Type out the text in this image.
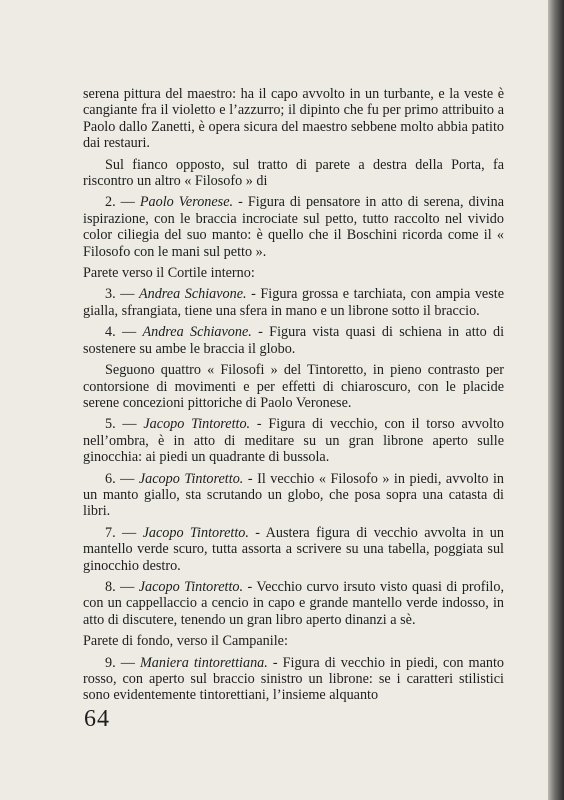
serena pittura del maestro: ha il capo avvolto in un turbante, e la veste è cangiante fra il violetto e l’azzurro; il dipinto che fu per primo attribuito a Paolo dallo Zanetti, è opera sicura del maestro sebbene molto abbia patito dai restauri.

Sul fianco opposto, sul tratto di parete a destra della Porta, fa riscontro un altro « Filosofo » di

2. — Paolo Veronese. - Figura di pensatore in atto di serena, divina ispirazione, con le braccia incrociate sul petto, tutto raccolto nel vivido color ciliegia del suo manto: è quello che il Boschini ricorda come il « Filosofo con le mani sul petto ».

Parete verso il Cortile interno:

3. — Andrea Schiavone. - Figura grossa e tarchiata, con ampia veste gialla, sfrangiata, tiene una sfera in mano e un librone sotto il braccio.

4. — Andrea Schiavone. - Figura vista quasi di schiena in atto di sostenere su ambe le braccia il globo.

Seguono quattro « Filosofi » del Tintoretto, in pieno contrasto per contorsione di movimenti e per effetti di chiaroscuro, con le placide serene concezioni pittoriche di Paolo Veronese.

5. — Jacopo Tintoretto. - Figura di vecchio, con il torso avvolto nell’ombra, è in atto di meditare su un gran librone aperto sulle ginocchia: ai piedi un quadrante di bussola.

6. — Jacopo Tintoretto. - Il vecchio « Filosofo » in piedi, avvolto in un manto giallo, sta scrutando un globo, che posa sopra una catasta di libri.

7. — Jacopo Tintoretto. - Austera figura di vecchio avvolta in un mantello verde scuro, tutta assorta a scrivere su una tabella, poggiata sul ginocchio destro.

8. — Jacopo Tintoretto. - Vecchio curvo irsuto visto quasi di profilo, con un cappellaccio a cencio in capo e grande mantello verde indosso, in atto di discutere, tenendo un gran libro aperto dinanzi a sè.

Parete di fondo, verso il Campanile:

9. — Maniera tintorettiana. - Figura di vecchio in piedi, con manto rosso, con aperto sul braccio sinistro un librone: se i caratteri stilistici sono evidentemente tintorettiani, l’insieme alquanto

64
